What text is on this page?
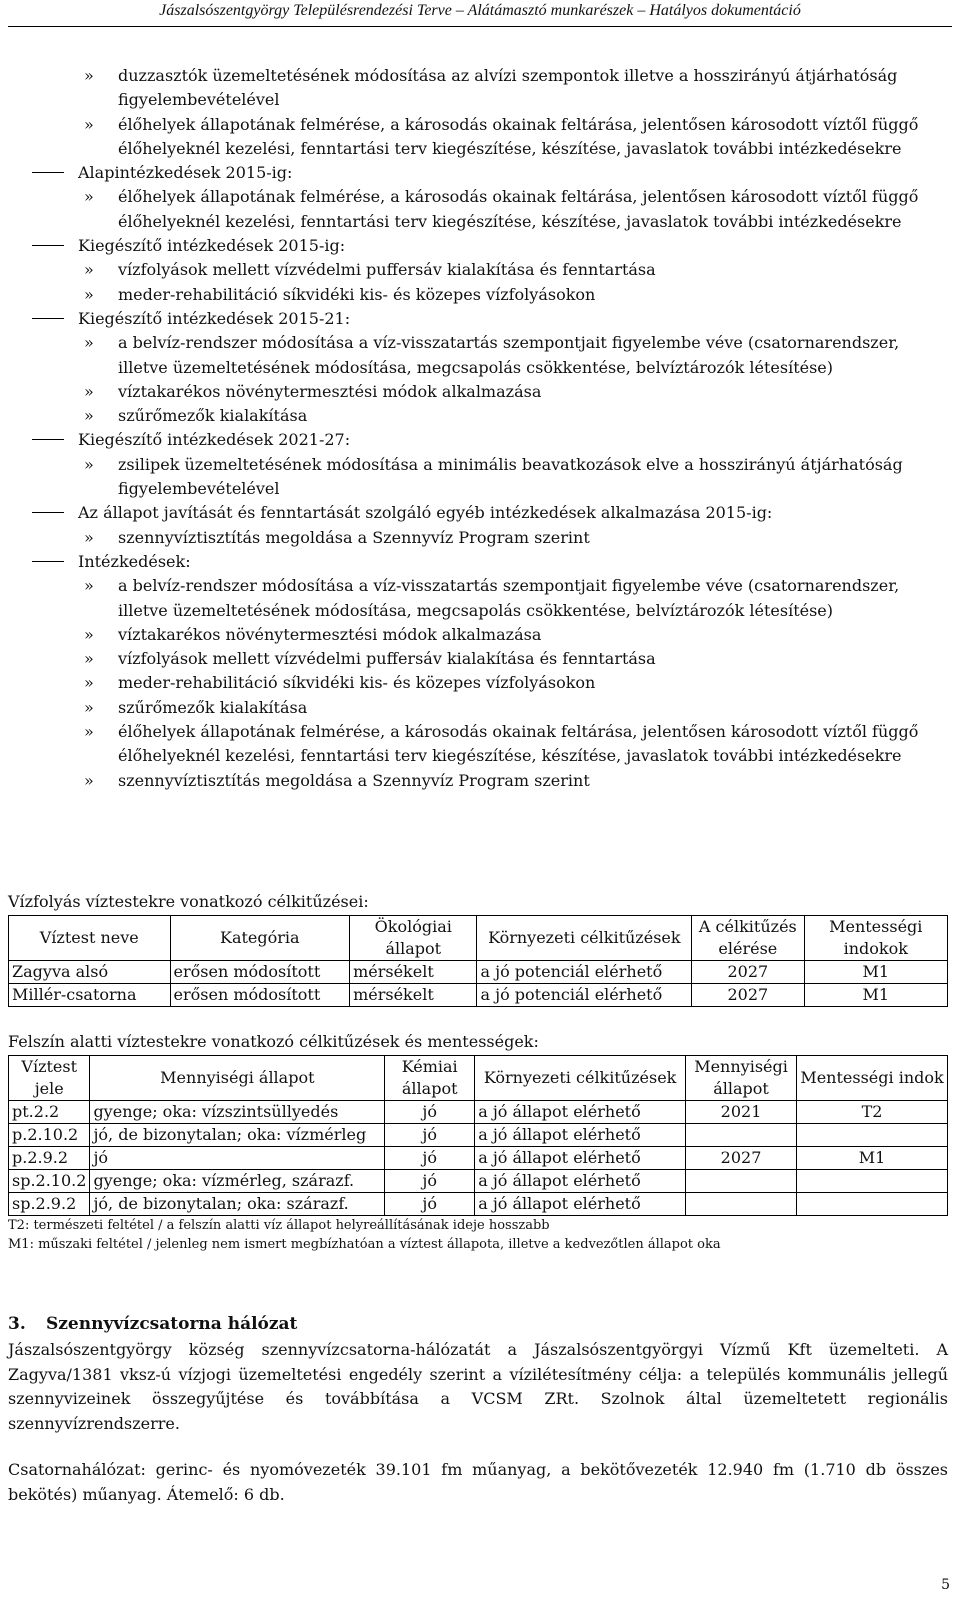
Jászalsószentgyörgy Településrendezési Terve – Alátámasztó munkarészek – Hatályos dokumentáció
» duzzasztók üzemeltetésének módosítása az alvízi szempontok illetve a hosszirányú átjárhatóság figyelembevételével
» élőhelyek állapotának felmérése, a károsodás okainak feltárása, jelentősen károsodott víztől függő élőhelyeknél kezelési, fenntartási terv kiegészítése, készítése, javaslatok további intézkedésekre
Alapintézkedések 2015-ig:
» élőhelyek állapotának felmérése, a károsodás okainak feltárása, jelentősen károsodott víztől függő élőhelyeknél kezelési, fenntartási terv kiegészítése, készítése, javaslatok további intézkedésekre
Kiegészítő intézkedések 2015-ig:
» vízfolyások mellett vízvédelmi puffersáv kialakítása és fenntartása
» meder-rehabilitáció síkvidéki kis- és közepes vízfolyásokon
Kiegészítő intézkedések 2015-21:
» a belvíz-rendszer módosítása a víz-visszatartás szempontjait figyelembe véve (csatornarendszer, illetve üzemeltetésének módosítása, megcsapolás csökkentése, belvíztározók létesítése)
» víztakarékos növénytermesztési módok alkalmazása
» szűrőmezők kialakítása
Kiegészítő intézkedések 2021-27:
» zsilipek üzemeltetésének módosítása a minimális beavatkozások elve a hosszirányú átjárhatóság figyelembevételével
Az állapot javítását és fenntartását szolgáló egyéb intézkedések alkalmazása 2015-ig:
» szennyvíztisztítás megoldása a Szennyvíz Program szerint
Intézkedések:
» a belvíz-rendszer módosítása a víz-visszatartás szempontjait figyelembe véve (csatornarendszer, illetve üzemeltetésének módosítása, megcsapolás csökkentése, belvíztározók létesítése)
» víztakarékos növénytermesztési módok alkalmazása
» vízfolyások mellett vízvédelmi puffersáv kialakítása és fenntartása
» meder-rehabilitáció síkvidéki kis- és közepes vízfolyásokon
» szűrőmezők kialakítása
» élőhelyek állapotának felmérése, a károsodás okainak feltárása, jelentősen károsodott víztől függő élőhelyeknél kezelési, fenntartási terv kiegészítése, készítése, javaslatok további intézkedésekre
» szennyvíztisztítás megoldása a Szennyvíz Program szerint
Vízfolyás víztestekre vonatkozó célkitűzései:
Víztest neve	Kategória	Ökológiai állapot	Környezeti célkitűzések	A célkitűzés elérése	Mentességi indokok
Zagyva alsó	erősen módosított	mérsékelt	a jó potenciál elérhető	2027	M1
Millér-csatorna	erősen módosított	mérsékelt	a jó potenciál elérhető	2027	M1
Felszín alatti víztestekre vonatkozó célkitűzések és mentességek:
Víztest jele	Mennyiségi állapot	Kémiai állapot	Környezeti célkitűzések	Mennyiségi állapot	Mentességi indok
pt.2.2	gyenge; oka: vízszintsüllyedés	jó	a jó állapot elérhető	2021	T2
p.2.10.2	jó, de bizonytalan; oka: vízmérleg	jó	a jó állapot elérhető		
p.2.9.2	jó	jó	a jó állapot elérhető	2027	M1
sp.2.10.2	gyenge; oka: vízmérleg, szárazf.	jó	a jó állapot elérhető		
sp.2.9.2	jó, de bizonytalan; oka: szárazf.	jó	a jó állapot elérhető		
T2: természeti feltétel / a felszín alatti víz állapot helyreállításának ideje hosszabb
M1: műszaki feltétel / jelenleg nem ismert megbízhatóan a víztest állapota, illetve a kedvezőtlen állapot oka
3. Szennyvízcsatorna hálózat
Jászalsószentgyörgy község szennyvízcsatorna-hálózatát a Jászalsószentgyörgyi Vízmű Kft üzemelteti. A Zagyva/1381 vksz-ú vízjogi üzemeltetési engedély szerint a vízilétesítmény célja: a település kommunális jellegű szennyvizeinek összegyűjtése és továbbítása a VCSM ZRt. Szolnok által üzemeltetett regionális szennyvízrendszerre.
Csatornahálózat: gerinc- és nyomóvezeték 39.101 fm műanyag, a bekötővezeték 12.940 fm (1.710 db összes bekötés) műanyag. Átemelő: 6 db.
5
